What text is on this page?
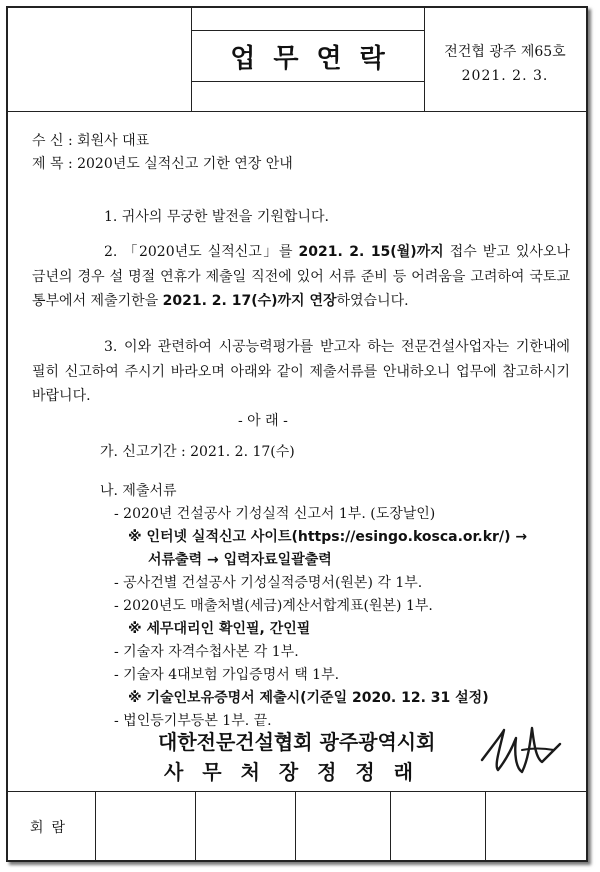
업무연락	전건협 광주 제65호
2021. 2. 3.
수 신 : 회원사 대표
제 목 : 2020년도 실적신고 기한 연장 안내
1. 귀사의 무궁한 발전을 기원합니다.
2. 「2020년도 실적신고」를 2021. 2. 15(월)까지 접수 받고 있사오나 금년의 경우 설 명절 연휴가 제출일 직전에 있어 서류 준비 등 어려움을 고려하여 국토교통부에서 제출기한을 2021. 2. 17(수)까지 연장하였습니다.
3. 이와 관련하여 시공능력평가를 받고자 하는 전문건설사업자는 기한내에 필히 신고하여 주시기 바라오며 아래와 같이 제출서류를 안내하오니 업무에 참고하시기 바랍니다.
- 아 래 -
가. 신고기간 : 2021. 2. 17(수)
나. 제출서류
- 2020년 건설공사 기성실적 신고서 1부. (도장날인)
※ 인터넷 실적신고 사이트(https://esingo.kosca.or.kr/) →
서류출력 → 입력자료일괄출력
- 공사건별 건설공사 기성실적증명서(원본) 각 1부.
- 2020년도 매출처별(세금)계산서합계표(원본) 1부.
※ 세무대리인 확인필, 간인필
- 기술자 자격수첩사본 각 1부.
- 기술자 4대보험 가입증명서 택 1부.
※ 기술인보유증명서 제출시(기준일 2020. 12. 31 설정)
- 법인등기부등본 1부. 끝.
대한전문건설협회 광주광역시회
사 무 처 장 정 정 래
회람
